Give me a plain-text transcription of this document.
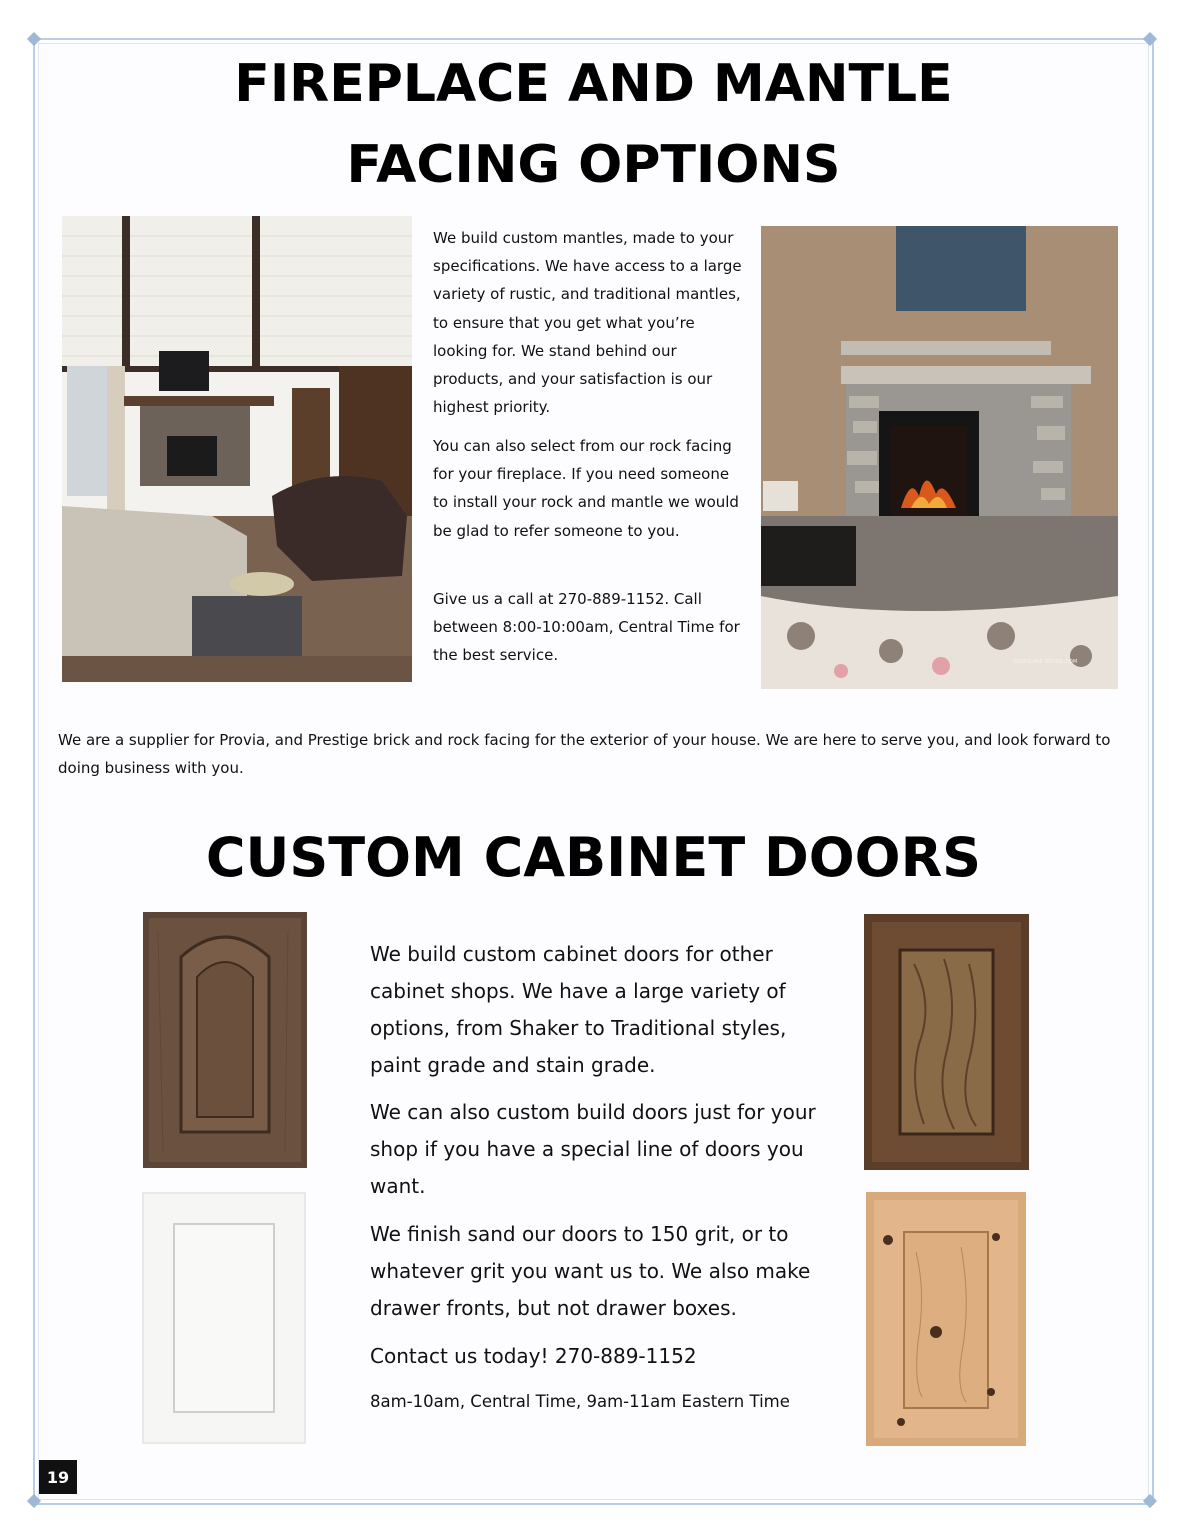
FIREPLACE AND MANTLE
FACING OPTIONS
We build custom mantles, made to your specifications. We have access to a large variety of rustic, and traditional mantles, to ensure that you get what you’re looking for. We stand behind our products, and your satisfaction is our highest priority.
You can also select from our rock facing for your fireplace. If you need someone to install your rock and mantle we would be glad to refer someone to you.
Give us a call at 270-889-1152. Call between 8:00-10:00am, Central Time for the best service.	SILVERLAKE DIGITAL.COM
We are a supplier for Provia, and Prestige brick and rock facing for the exterior of your house. We are here to serve you, and look forward to doing business with you.
CUSTOM CABINET DOORS
We build custom cabinet doors for other cabinet shops. We have a large variety of options, from Shaker to Traditional styles, paint grade and stain grade.
We can also custom build doors just for your shop if you have a special line of doors you want.
We finish sand our doors to 150 grit, or to whatever grit you want us to. We also make drawer fronts, but not drawer boxes.
Contact us today! 270-889-1152
8am-10am, Central Time, 9am-11am Eastern Time
19
